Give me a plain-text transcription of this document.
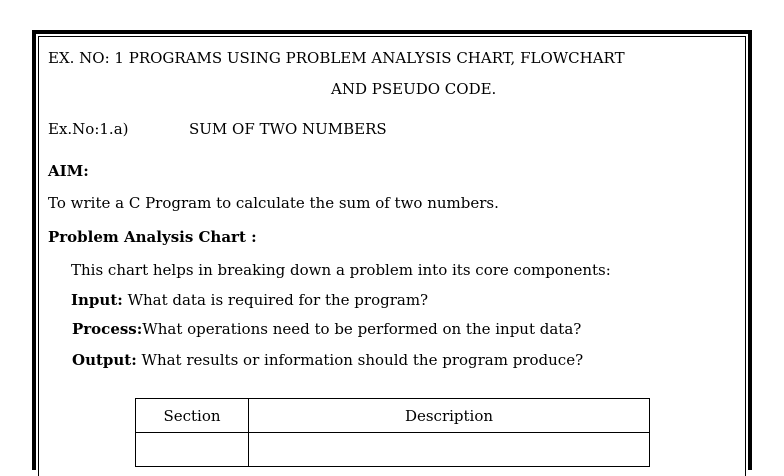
EX. NO: 1 PROGRAMS USING PROBLEM ANALYSIS CHART, FLOWCHART
AND PSEUDO CODE.
Ex.No:1.a)	SUM OF TWO NUMBERS
AIM:
To write a C Program to calculate the sum of two numbers.
Problem Analysis Chart :
This chart helps in breaking down a problem into its core components:
Input: What data is required for the program?
Process:What operations need to be performed on the input data?
Output: What results or information should the program produce?
Section	Description
